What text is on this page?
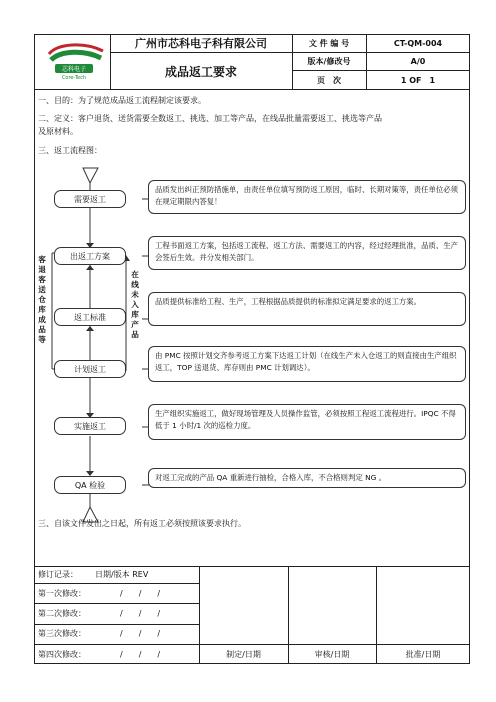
芯科电子
Core-Tech
广州市芯科电子科有限公司
成品返工要求
文 件 编 号	CT-QM-004
版本/修改号	A/0
页　次	1 OF　1
一、目的：为了规范成品返工流程制定该要求。
二、定义：客户退货、送货需要全数返工、挑选、加工等产品，在线品批量需要返工、挑选等产品
及原材料。
三、返工流程图：
需要返工
出返工方案
返工标准
计划返工
实施返工
QA 检验
客退客送仓库成品等
在线未入库产品
品质发出纠正预防措施单，由责任单位填写预防返工原因，临时、长期对策等，责任单位必须在规定期限内答复！
工程书面返工方案，包括返工流程、返工方法、需要返工的内容，经过经理批准，品质、生产会签后生效。并分发相关部门。
品质提供标准给工程、生产，工程根据品质提供的标准拟定满足要求的返工方案。
由 PMC 按照计划交齐参考返工方案下达返工计划（在线生产未入仓返工的则直接由生产组织返工，TOP 送退货、库存则由 PMC 计划调达）。
生产组织实施返工，做好现场管理及人员操作监管，必须按照工程返工流程进行。IPQC 不得低于 1 小时/1 次的巡检力度。
对返工完成的产品 QA 重新进行抽检，合格入库，不合格则判定 NG 。
三、自该文件发出之日起，所有返工必须按照该要求执行。
修订记录： 日期/版本 REV
第一次修改：	/　　/　　/
第二次修改：	/　　/　　/
第三次修改：	/　　/　　/
第四次修改：	/　　/　　/	制定/日期	审核/日期	批准/日期
